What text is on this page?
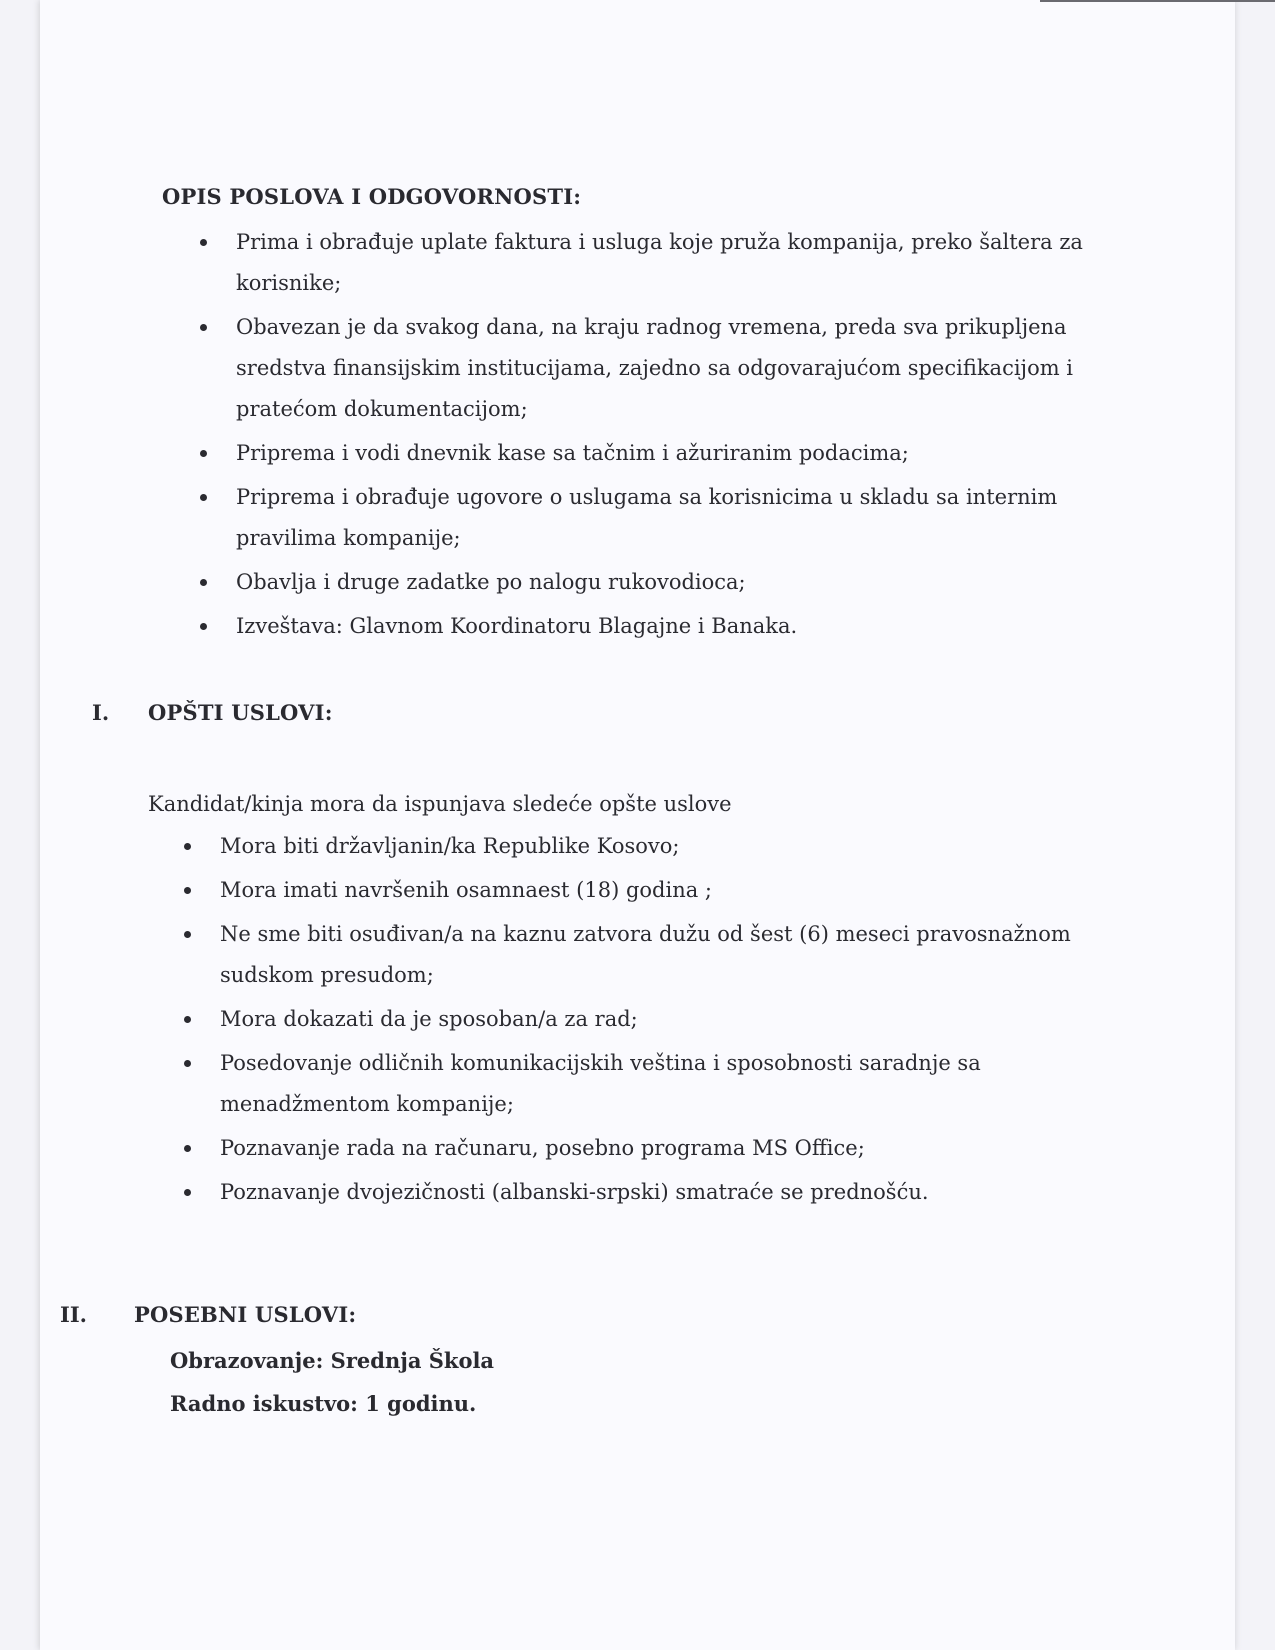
OPIS POSLOVA I ODGOVORNOSTI:
Prima i obrađuje uplate faktura i usluga koje pruža kompanija, preko šaltera za korisnike;
Obavezan je da svakog dana, na kraju radnog vremena, preda sva prikupljena sredstva finansijskim institucijama, zajedno sa odgovarajućom specifikacijom i pratećom dokumentacijom;
Priprema i vodi dnevnik kase sa tačnim i ažuriranim podacima;
Priprema i obrađuje ugovore o uslugama sa korisnicima u skladu sa internim pravilima kompanije;
Obavlja i druge zadatke po nalogu rukovodioca;
Izveštava: Glavnom Koordinatoru Blagajne i Banaka.
I. OPŠTI USLOVI:
Kandidat/kinja mora da ispunjava sledeće opšte uslove
Mora biti državljanin/ka Republike Kosovo;
Mora imati navršenih osamnaest (18) godina ;
Ne sme biti osuđivan/a na kaznu zatvora dužu od šest (6) meseci pravosnažnom sudskom presudom;
Mora dokazati da je sposoban/a za rad;
Posedovanje odličnih komunikacijskih veština i sposobnosti saradnje sa menadžmentom kompanije;
Poznavanje rada na računaru, posebno programa MS Office;
Poznavanje dvojezičnosti (albanski-srpski) smatraće se prednošću.
II. POSEBNI USLOVI:
Obrazovanje: Srednja Škola
Radno iskustvo: 1 godinu.
